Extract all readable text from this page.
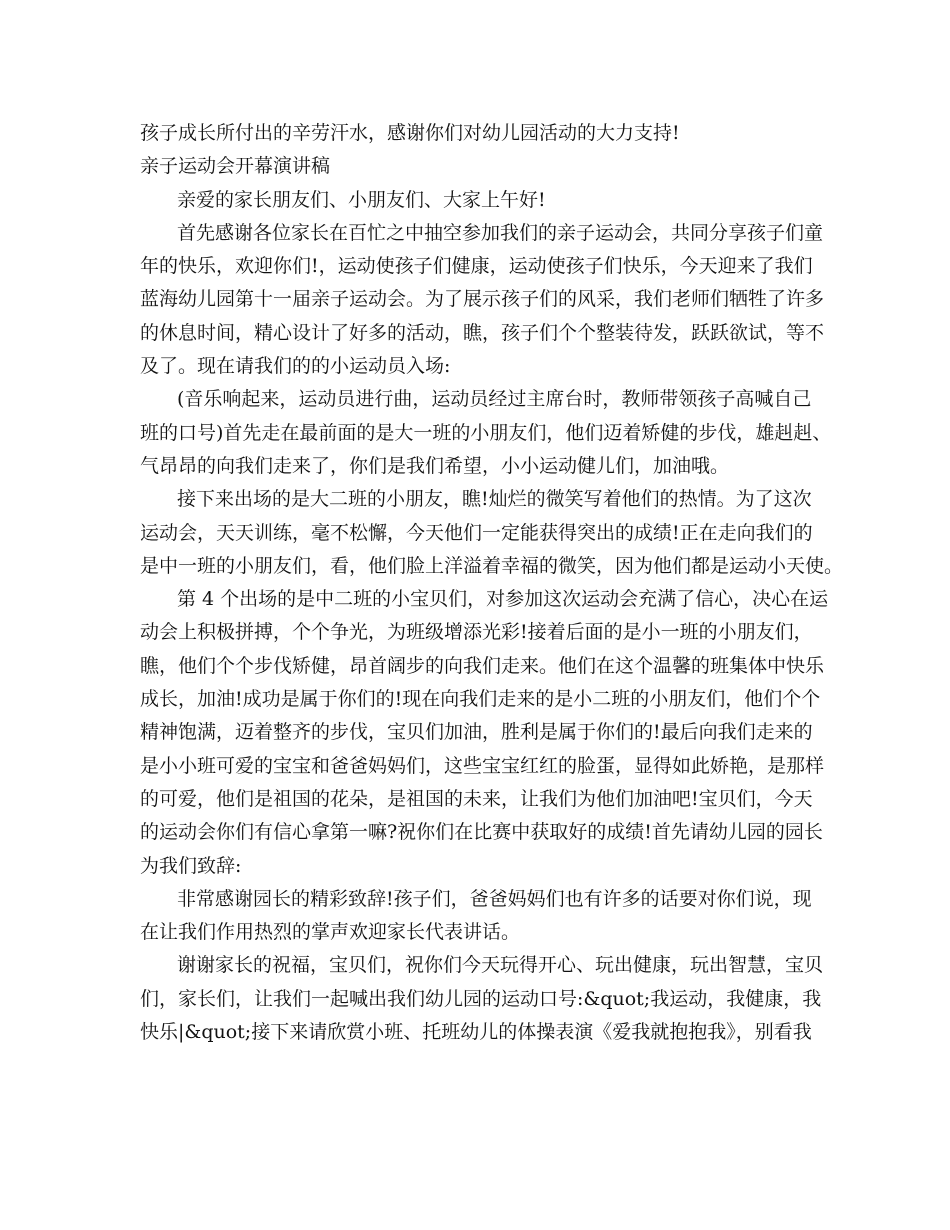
孩子成长所付出的辛劳汗水，感谢你们对幼儿园活动的大力支持!
亲子运动会开幕演讲稿
亲爱的家长朋友们、小朋友们、大家上午好!
首先感谢各位家长在百忙之中抽空参加我们的亲子运动会，共同分享孩子们童
年的快乐，欢迎你们!，运动使孩子们健康，运动使孩子们快乐，今天迎来了我们
蓝海幼儿园第十一届亲子运动会。为了展示孩子们的风采，我们老师们牺牲了许多
的休息时间，精心设计了好多的活动，瞧，孩子们个个整装待发，跃跃欲试，等不
及了。现在请我们的的小运动员入场:
(音乐响起来，运动员进行曲，运动员经过主席台时，教师带领孩子高喊自己
班的口号)首先走在最前面的是大一班的小朋友们，他们迈着矫健的步伐，雄赳赳、
气昂昂的向我们走来了，你们是我们希望，小小运动健儿们，加油哦。
接下来出场的是大二班的小朋友，瞧!灿烂的微笑写着他们的热情。为了这次
运动会，天天训练，毫不松懈，今天他们一定能获得突出的成绩!正在走向我们的
是中一班的小朋友们，看，他们脸上洋溢着幸福的微笑，因为他们都是运动小天使。
第 4 个出场的是中二班的小宝贝们，对参加这次运动会充满了信心，决心在运
动会上积极拼搏，个个争光，为班级增添光彩!接着后面的是小一班的小朋友们，
瞧，他们个个步伐矫健，昂首阔步的向我们走来。他们在这个温馨的班集体中快乐
成长，加油!成功是属于你们的!现在向我们走来的是小二班的小朋友们，他们个个
精神饱满，迈着整齐的步伐，宝贝们加油，胜利是属于你们的!最后向我们走来的
是小小班可爱的宝宝和爸爸妈妈们，这些宝宝红红的脸蛋，显得如此娇艳，是那样
的可爱，他们是祖国的花朵，是祖国的未来，让我们为他们加油吧!宝贝们，今天
的运动会你们有信心拿第一嘛?祝你们在比赛中获取好的成绩!首先请幼儿园的园长
为我们致辞:
非常感谢园长的精彩致辞!孩子们，爸爸妈妈们也有许多的话要对你们说，现
在让我们作用热烈的掌声欢迎家长代表讲话。
谢谢家长的祝福，宝贝们，祝你们今天玩得开心、玩出健康，玩出智慧，宝贝
们，家长们，让我们一起喊出我们幼儿园的运动口号:&quot;我运动，我健康，我
快乐|&quot;接下来请欣赏小班、托班幼儿的体操表演《爱我就抱抱我》，别看我
